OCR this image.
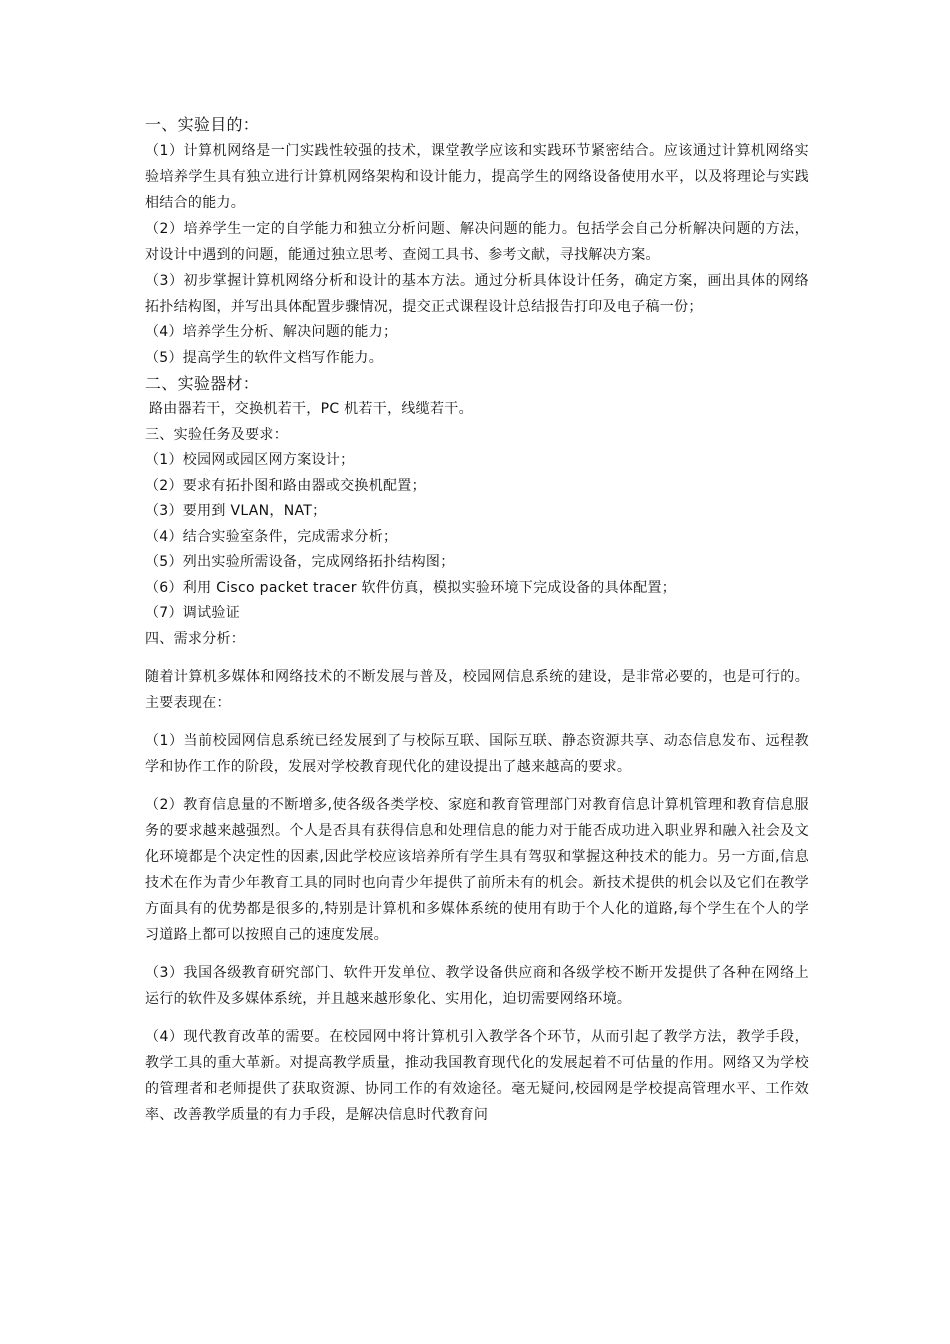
一、实验目的：
（1）计算机网络是一门实践性较强的技术，课堂教学应该和实践环节紧密结合。应该通过计算机网络实验培养学生具有独立进行计算机网络架构和设计能力，提高学生的网络设备使用水平，以及将理论与实践相结合的能力。
（2）培养学生一定的自学能力和独立分析问题、解决问题的能力。包括学会自己分析解决问题的方法，对设计中遇到的问题，能通过独立思考、查阅工具书、参考文献，寻找解决方案。
（3）初步掌握计算机网络分析和设计的基本方法。通过分析具体设计任务，确定方案，画出具体的网络拓扑结构图，并写出具体配置步骤情况，提交正式课程设计总结报告打印及电子稿一份；
（4）培养学生分析、解决问题的能力；
（5）提高学生的软件文档写作能力。
二、实验器材：
路由器若干，交换机若干，PC 机若干，线缆若干。
三、实验任务及要求：
（1）校园网或园区网方案设计；
（2）要求有拓扑图和路由器或交换机配置；
（3）要用到 VLAN，NAT；
（4）结合实验室条件，完成需求分析；
（5）列出实验所需设备，完成网络拓扑结构图；
（6）利用 Cisco packet tracer 软件仿真，模拟实验环境下完成设备的具体配置；
（7）调试验证
四、需求分析：
随着计算机多媒体和网络技术的不断发展与普及，校园网信息系统的建设，是非常必要的，也是可行的。主要表现在：
（1）当前校园网信息系统已经发展到了与校际互联、国际互联、静态资源共享、动态信息发布、远程教学和协作工作的阶段，发展对学校教育现代化的建设提出了越来越高的要求。
（2）教育信息量的不断增多,使各级各类学校、家庭和教育管理部门对教育信息计算机管理和教育信息服务的要求越来越强烈。个人是否具有获得信息和处理信息的能力对于能否成功进入职业界和融入社会及文化环境都是个决定性的因素,因此学校应该培养所有学生具有驾驭和掌握这种技术的能力。另一方面,信息技术在作为青少年教育工具的同时也向青少年提供了前所未有的机会。新技术提供的机会以及它们在教学方面具有的优势都是很多的,特别是计算机和多媒体系统的使用有助于个人化的道路,每个学生在个人的学习道路上都可以按照自己的速度发展。
（3）我国各级教育研究部门、软件开发单位、教学设备供应商和各级学校不断开发提供了各种在网络上运行的软件及多媒体系统，并且越来越形象化、实用化，迫切需要网络环境。
（4）现代教育改革的需要。在校园网中将计算机引入教学各个环节，从而引起了教学方法，教学手段，教学工具的重大革新。对提高教学质量，推动我国教育现代化的发展起着不可估量的作用。网络又为学校的管理者和老师提供了获取资源、协同工作的有效途径。毫无疑问,校园网是学校提高管理水平、工作效率、改善教学质量的有力手段，是解决信息时代教育问
